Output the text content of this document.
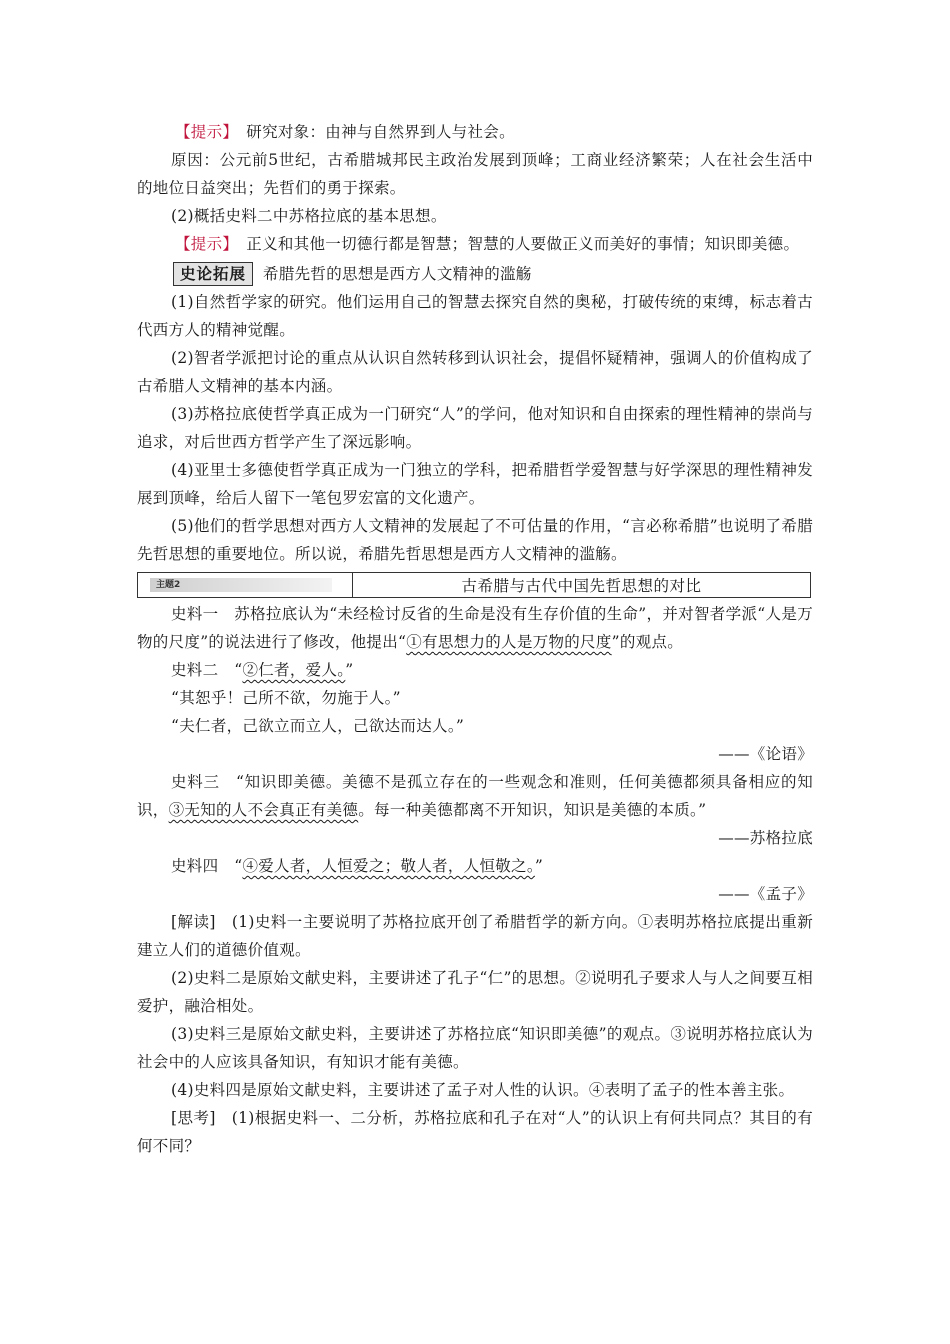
【提示】　 研究对象：由神与自然界到人与社会。

原因：公元前5世纪，古希腊城邦民主政治发展到顶峰；工商业经济繁荣；人在社会生活中的地位日益突出；先哲们的勇于探索。

(2)概括史料二中苏格拉底的基本思想。

【提示】　 正义和其他一切德行都是智慧；智慧的人要做正义而美好的事情；知识即美德。

史论拓展 希腊先哲的思想是西方人文精神的滥觞

(1)自然哲学家的研究。他们运用自己的智慧去探究自然的奥秘，打破传统的束缚，标志着古代西方人的精神觉醒。

(2)智者学派把讨论的重点从认识自然转移到认识社会，提倡怀疑精神，强调人的价值构成了古希腊人文精神的基本内涵。

(3)苏格拉底使哲学真正成为一门研究“人”的学问，他对知识和自由探索的理性精神的崇尚与追求，对后世西方哲学产生了深远影响。

(4)亚里士多德使哲学真正成为一门独立的学科，把希腊哲学爱智慧与好学深思的理性精神发展到顶峰，给后人留下一笔包罗宏富的文化遗产。

(5)他们的哲学思想对西方人文精神的发展起了不可估量的作用，“言必称希腊”也说明了希腊先哲思想的重要地位。所以说，希腊先哲思想是西方人文精神的滥觞。

主题2	古希腊与古代中国先哲思想的对比

史料一　苏格拉底认为“未经检讨反省的生命是没有生存价值的生命”，并对智者学派“人是万物的尺度”的说法进行了修改，他提出“①有思想力的人是万物的尺度”的观点。

史料二　“②仁者，爱人。”

“其恕乎！己所不欲，勿施于人。”

“夫仁者，己欲立而立人，己欲达而达人。”

——《论语》

史料三　“知识即美德。美德不是孤立存在的一些观念和准则，任何美德都须具备相应的知识，③无知的人不会真正有美德。每一种美德都离不开知识，知识是美德的本质。”

——苏格拉底

史料四　“④爱人者，人恒爱之；敬人者，人恒敬之。”

——《孟子》

[解读]　 (1)史料一主要说明了苏格拉底开创了希腊哲学的新方向。①表明苏格拉底提出重新建立人们的道德价值观。

(2)史料二是原始文献史料，主要讲述了孔子“仁”的思想。②说明孔子要求人与人之间要互相爱护，融洽相处。

(3)史料三是原始文献史料，主要讲述了苏格拉底“知识即美德”的观点。③说明苏格拉底认为社会中的人应该具备知识，有知识才能有美德。

(4)史料四是原始文献史料，主要讲述了孟子对人性的认识。④表明了孟子的性本善主张。

[思考]　 (1)根据史料一、二分析，苏格拉底和孔子在对“人”的认识上有何共同点？其目的有何不同？
